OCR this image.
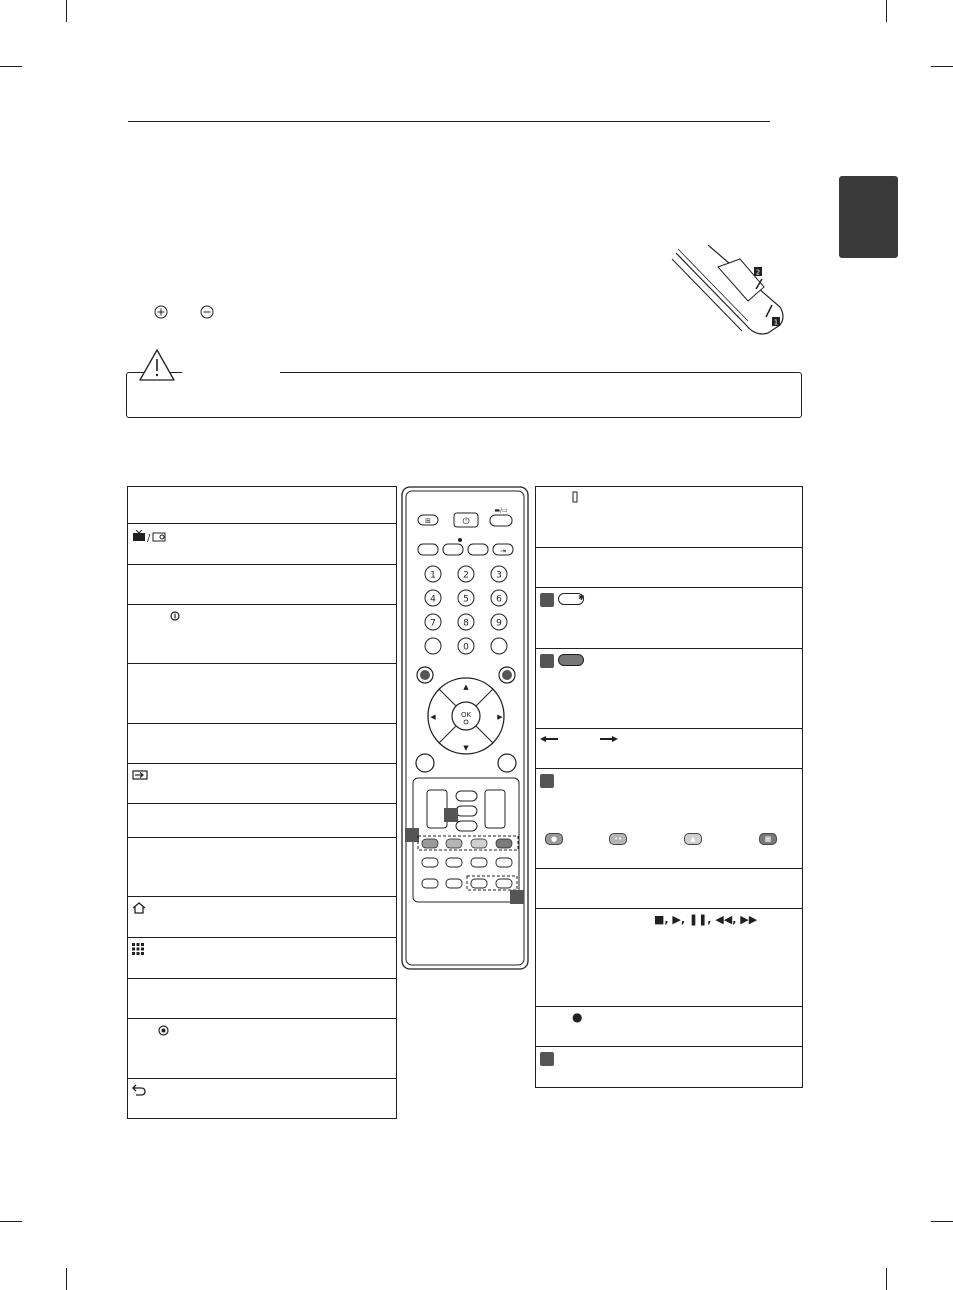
2
1
/
✱
●	••	▲	▦
■, ▶, ❚❚, ◀◀, ▶▶
●
⊞	⏻
▬/▭
⇥
1	2	3
4	5	6
7	8	9
0
▲
▼
◀	▶
OK
